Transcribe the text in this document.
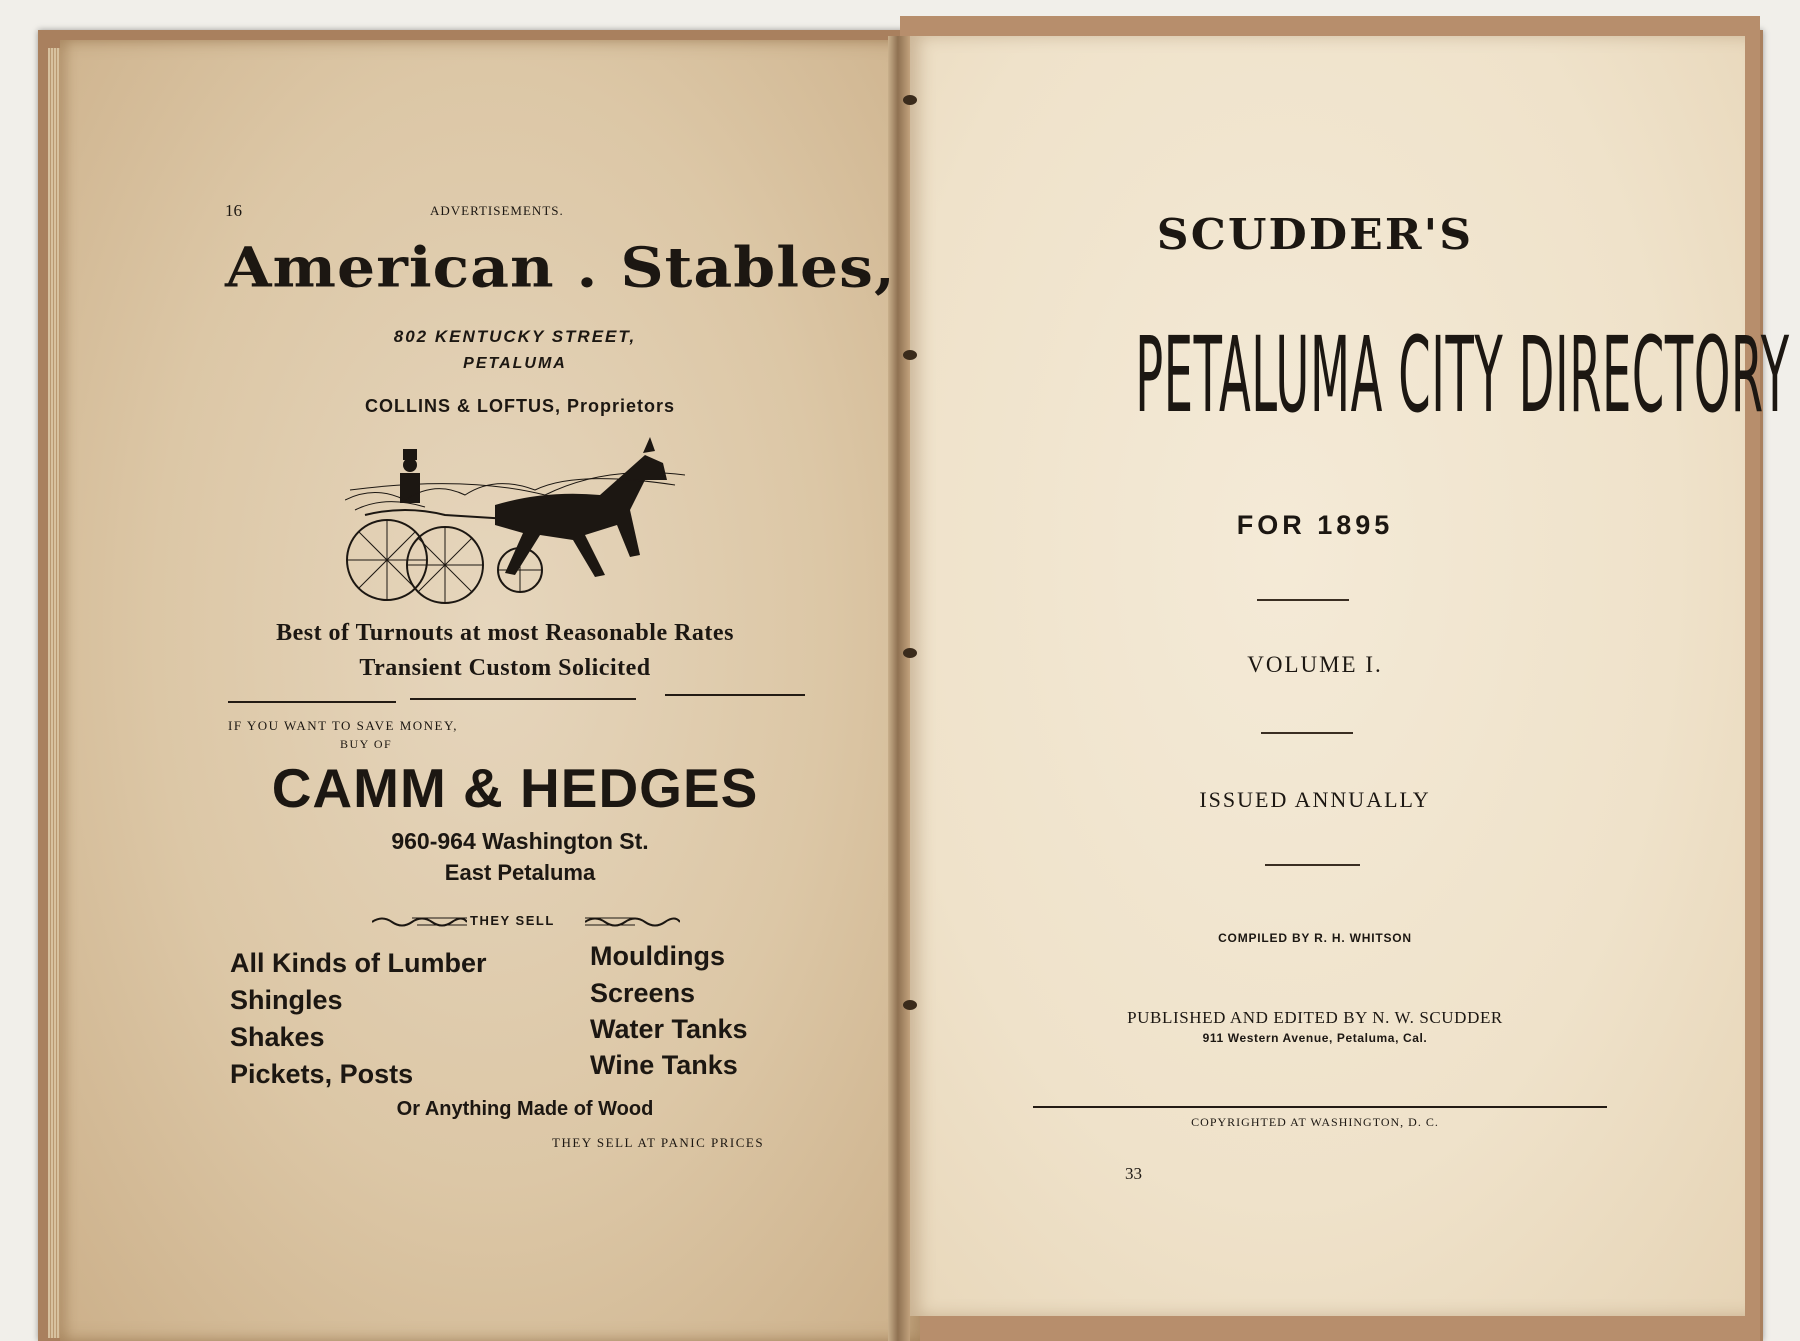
16	ADVERTISEMENTS.
American . Stables,
802 KENTUCKY STREET,
PETALUMA
COLLINS & LOFTUS, Proprietors
Best of Turnouts at most Reasonable Rates
Transient Custom Solicited
IF YOU WANT TO SAVE MONEY,
BUY OF
CAMM & HEDGES
960-964 Washington St.
East Petaluma
THEY SELL
All Kinds of Lumber
Shingles
Shakes
Pickets, Posts
Mouldings
Screens
Water Tanks
Wine Tanks
Or Anything Made of Wood
THEY SELL AT PANIC PRICES
SCUDDER'S
PETALUMA CITY DIRECTORY
FOR 1895
VOLUME I.
ISSUED ANNUALLY
COMPILED BY R. H. WHITSON
PUBLISHED AND EDITED BY N. W. SCUDDER
911 Western Avenue, Petaluma, Cal.
COPYRIGHTED AT WASHINGTON, D. C.
33
